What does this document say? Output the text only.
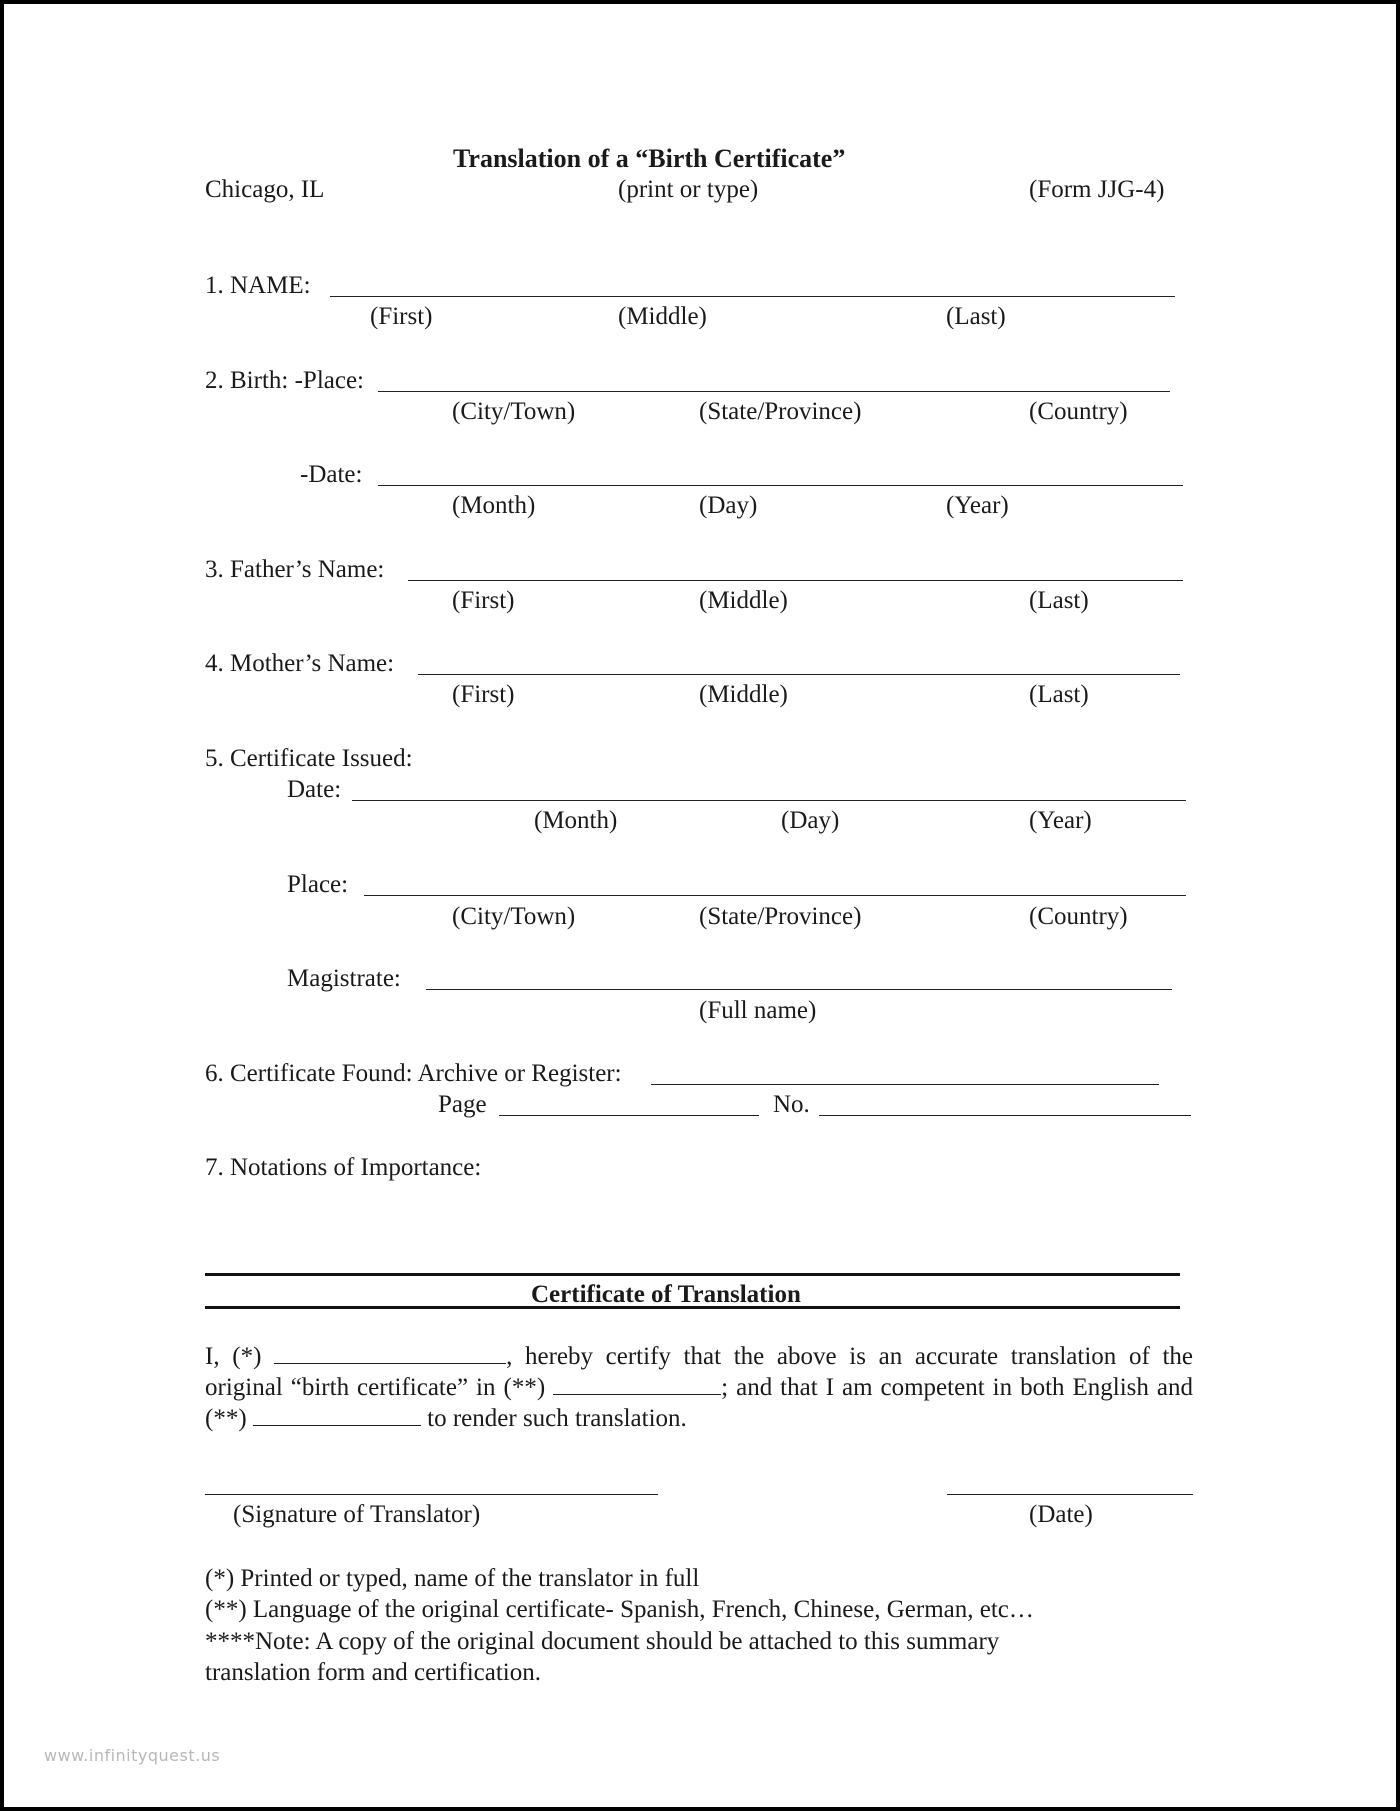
Translation of a “Birth Certificate”
Chicago, IL	(print or type)	(Form JJG-4)
1. NAME:
(First)	(Middle)	(Last)
2. Birth: -Place:
(City/Town)	(State/Province)	(Country)
-Date:
(Month)	(Day)	(Year)
3. Father’s Name:
(First)	(Middle)	(Last)
4. Mother’s Name:
(First)	(Middle)	(Last)
5. Certificate Issued:
Date:
(Month)	(Day)	(Year)
Place:
(City/Town)	(State/Province)	(Country)
Magistrate:
(Full name)
6. Certificate Found: Archive or Register:
Page	No.
7. Notations of Importance:
Certificate of Translation
I, (*)	, hereby certify that the above is an accurate translation of the original “birth certificate” in (**)	; and that I am competent in both English and (**)	to render such translation.
(Signature of Translator)	(Date)
(*) Printed or typed, name of the translator in full
(**) Language of the original certificate- Spanish, French, Chinese, German, etc…
****Note: A copy of the original document should be attached to this summary
translation form and certification.
www.infinityquest.us
